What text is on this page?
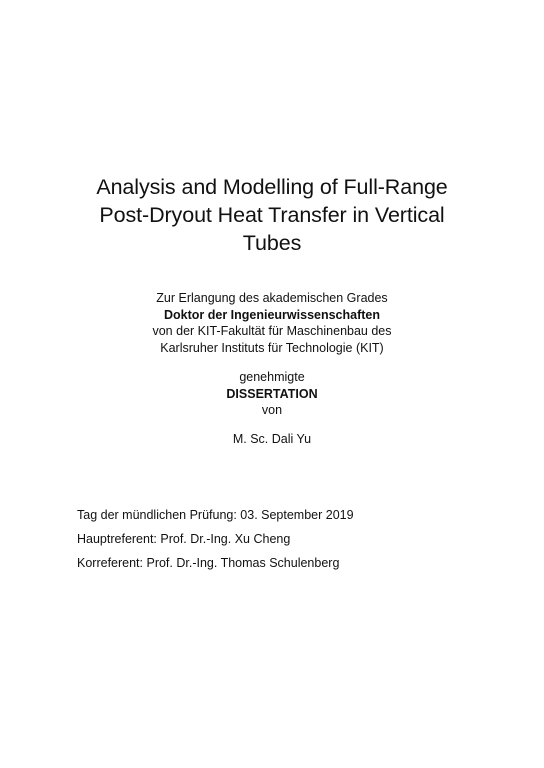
Analysis and Modelling of Full-Range
Post-Dryout Heat Transfer in Vertical
Tubes
Zur Erlangung des akademischen Grades
Doktor der Ingenieurwissenschaften
von der KIT-Fakultät für Maschinenbau des
Karlsruher Instituts für Technologie (KIT)
genehmigte
DISSERTATION
von
M. Sc. Dali Yu
Tag der mündlichen Prüfung: 03. September 2019
Hauptreferent: Prof. Dr.-Ing. Xu Cheng
Korreferent: Prof. Dr.-Ing. Thomas Schulenberg
